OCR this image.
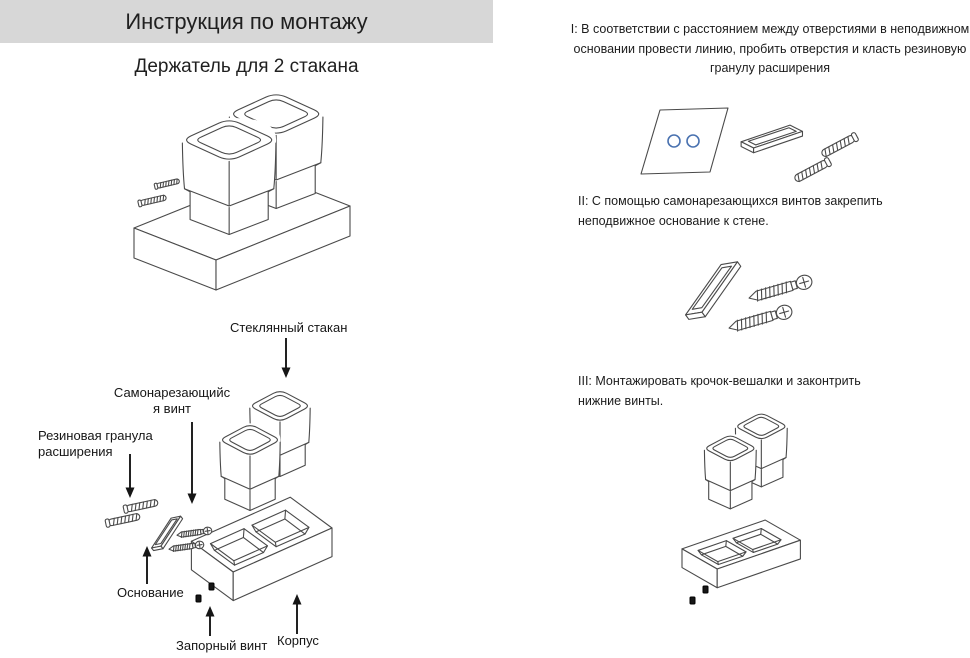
Инструкция по монтажу
Держатель для 2 стакана
Стеклянный стакан
Самонарезающийс
я винт
Резиновая гранула
расширения
Основание
Запорный винт Корпус
I: В соответствии с расстоянием между отверстиями в неподвижном
основании провести линию, пробить отверстия и класть резиновую
гранулу расширения
II: С помощью самонарезающихся винтов закрепить
неподвижное основание к стене.
III: Монтажировать крочок-вешалки и законтрить
нижние винты.
